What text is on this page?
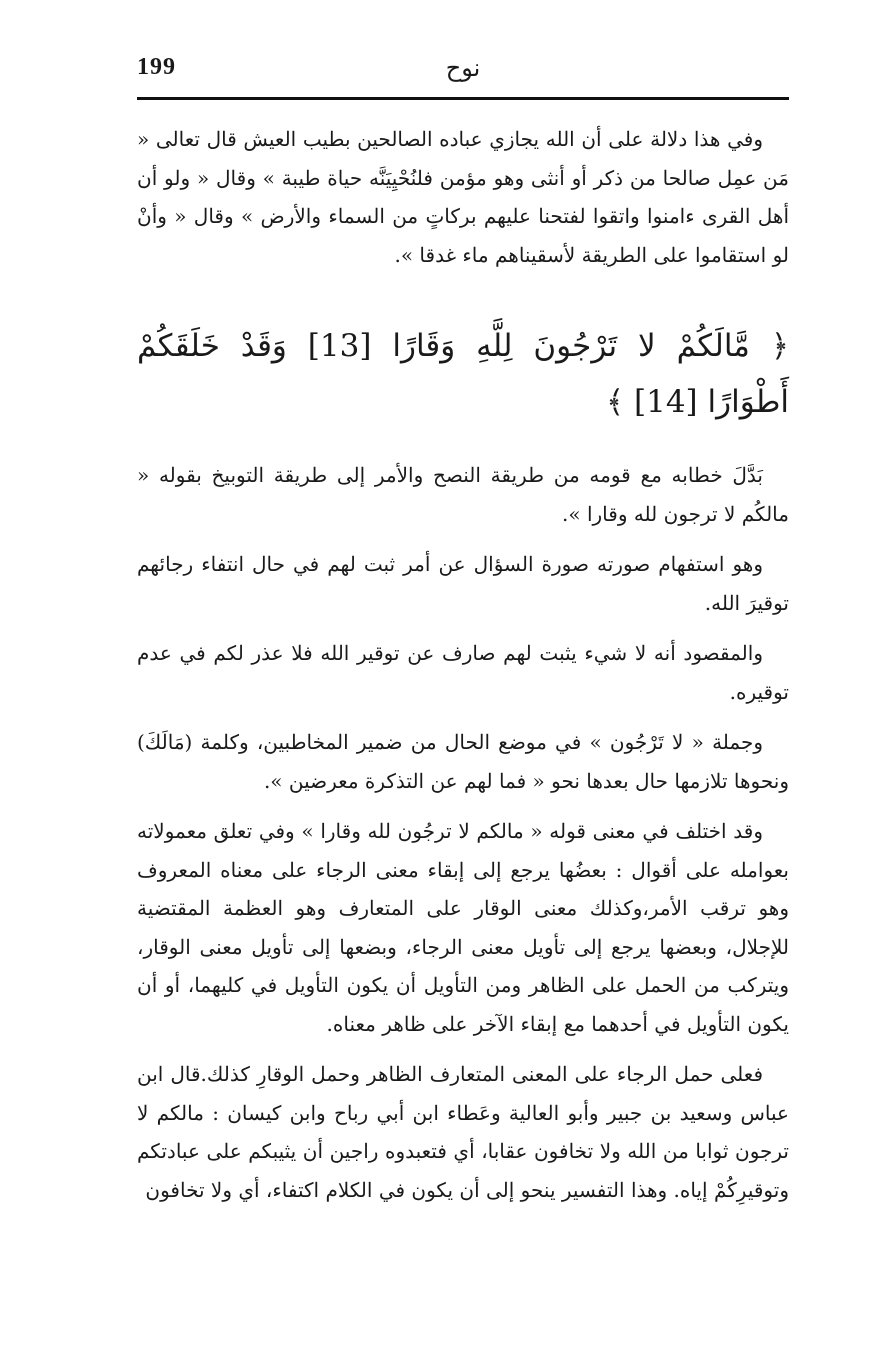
199	نوح

وفي هذا دلالة على أن الله يجازي عباده الصالحين بطيب العيش قال تعالى « مَن عمِل صالحا من ذكر أو أنثى وهو مؤمن فلنُحْيِيَنَّه حياة طيبة » وقال « ولو أن أهل القرى ءامنوا واتقوا لفتحنا عليهم بركاتٍ من السماء والأرض » وقال « وأنْ لو استقاموا على الطريقة لأسقيناهم ماء غدقا ».

﴿ مَّالَكُمْ لا تَرْجُونَ لِلَّهِ وَقَارًا [13] وَقَدْ خَلَقَكُمْ أَطْوَارًا [14] ﴾

بَدَّلَ خطابه مع قومه من طريقة النصح والأمر إلى طريقة التوبيخ بقوله « مالكُم لا ترجون لله وقارا ».

وهو استفهام صورته صورة السؤال عن أمر ثبت لهم في حال انتفاء رجائهم توقيرَ الله.

والمقصود أنه لا شيء يثبت لهم صارف عن توقير الله فلا عذر لكم في عدم توقيره.

وجملة « لا تَرْجُون » في موضع الحال من ضمير المخاطبين، وكلمة (مَالَكَ) ونحوها تلازمها حال بعدها نحو « فما لهم عن التذكرة معرضين ».

وقد اختلف في معنى قوله « مالكم لا ترجُون لله وقارا » وفي تعلق معمولاته بعوامله على أقوال : بعضُها يرجع إلى إبقاء معنى الرجاء على معناه المعروف وهو ترقب الأمر،وكذلك معنى الوقار على المتعارف وهو العظمة المقتضية للإجلال، وبعضها يرجع إلى تأويل معنى الرجاء، وبضعها إلى تأويل معنى الوقار، ويتركب من الحمل على الظاهر ومن التأويل أن يكون التأويل في كليهما، أو أن يكون التأويل في أحدهما مع إبقاء الآخر على ظاهر معناه.

فعلى حمل الرجاء على المعنى المتعارف الظاهر وحمل الوقارِ كذلك.قال ابن عباس وسعيد بن جبير وأبو العالية وعَطاء ابن أبي رباح وابن كيسان : مالكم لا ترجون ثوابا من الله ولا تخافون عقابا، أي فتعبدوه راجين أن يثيبكم على عبادتكم وتوقيرِكُمْ إياه. وهذا التفسير ينحو إلى أن يكون في الكلام اكتفاء، أي ولا تخافون
